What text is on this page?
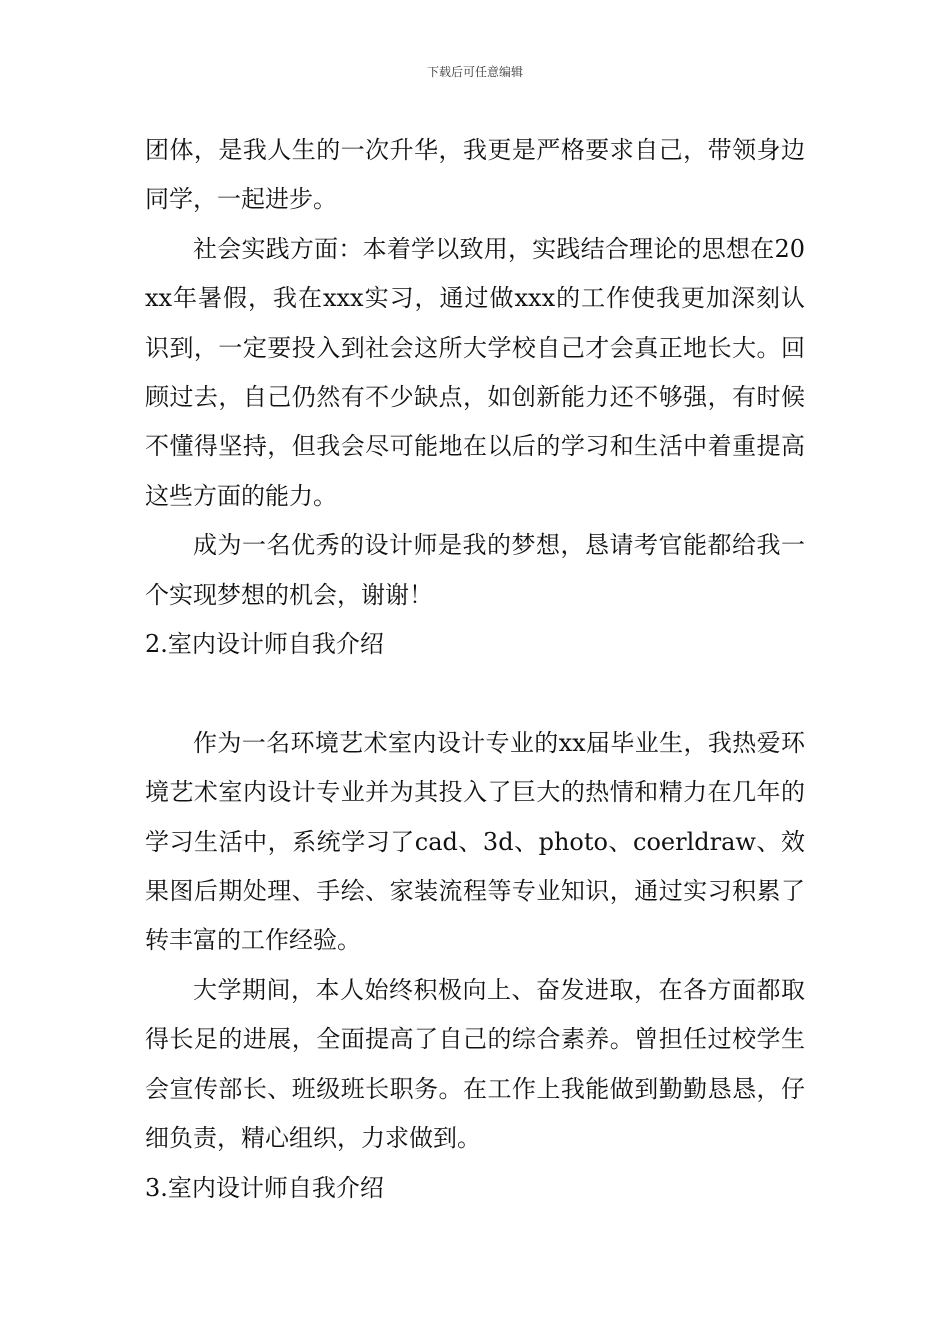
下载后可任意编辑

团体，是我人生的一次升华，我更是严格要求自己，带领身边同学，一起进步。

社会实践方面：本着学以致用，实践结合理论的思想在20xx年暑假，我在xxx实习，通过做xxx的工作使我更加深刻认识到，一定要投入到社会这所大学校自己才会真正地长大。回顾过去，自己仍然有不少缺点，如创新能力还不够强，有时候不懂得坚持，但我会尽可能地在以后的学习和生活中着重提高这些方面的能力。

成为一名优秀的设计师是我的梦想，恳请考官能都给我一个实现梦想的机会，谢谢！

2.室内设计师自我介绍

作为一名环境艺术室内设计专业的xx届毕业生，我热爱环境艺术室内设计专业并为其投入了巨大的热情和精力在几年的学习生活中，系统学习了cad、3d、photo、coerldraw、效果图后期处理、手绘、家装流程等专业知识，通过实习积累了转丰富的工作经验。

大学期间，本人始终积极向上、奋发进取，在各方面都取得长足的进展，全面提高了自己的综合素养。曾担任过校学生会宣传部长、班级班长职务。在工作上我能做到勤勤恳恳，仔细负责，精心组织，力求做到。

3.室内设计师自我介绍
